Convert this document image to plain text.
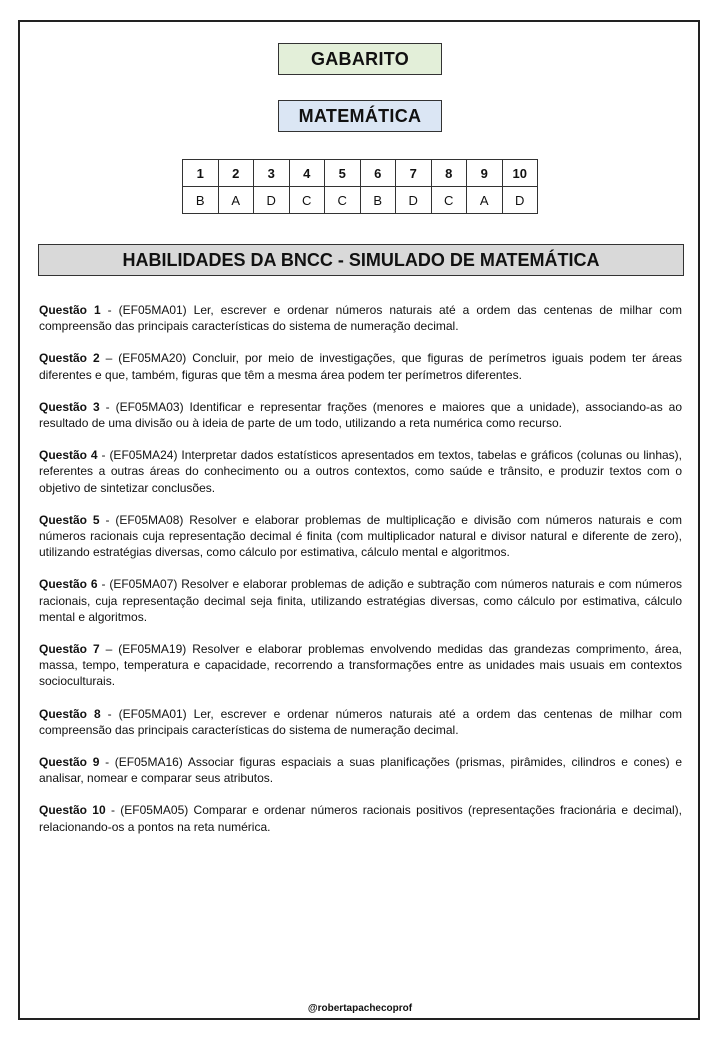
GABARITO
MATEMÁTICA
1	2	3	4	5	6	7	8	9	10
B	A	D	C	C	B	D	C	A	D
HABILIDADES DA BNCC - SIMULADO DE MATEMÁTICA

Questão 1 - (EF05MA01) Ler, escrever e ordenar números naturais até a ordem das centenas de milhar com compreensão das principais características do sistema de numeração decimal.

Questão 2 – (EF05MA20) Concluir, por meio de investigações, que figuras de perímetros iguais podem ter áreas diferentes e que, também, figuras que têm a mesma área podem ter perímetros diferentes.

Questão 3 - (EF05MA03) Identificar e representar frações (menores e maiores que a unidade), associando-as ao resultado de uma divisão ou à ideia de parte de um todo, utilizando a reta numérica como recurso.

Questão 4 - (EF05MA24) Interpretar dados estatísticos apresentados em textos, tabelas e gráficos (colunas ou linhas), referentes a outras áreas do conhecimento ou a outros contextos, como saúde e trânsito, e produzir textos com o objetivo de sintetizar conclusões.

Questão 5 - (EF05MA08) Resolver e elaborar problemas de multiplicação e divisão com números naturais e com números racionais cuja representação decimal é finita (com multiplicador natural e divisor natural e diferente de zero), utilizando estratégias diversas, como cálculo por estimativa, cálculo mental e algoritmos.

Questão 6 - (EF05MA07) Resolver e elaborar problemas de adição e subtração com números naturais e com números racionais, cuja representação decimal seja finita, utilizando estratégias diversas, como cálculo por estimativa, cálculo mental e algoritmos.

Questão 7 – (EF05MA19) Resolver e elaborar problemas envolvendo medidas das grandezas comprimento, área, massa, tempo, temperatura e capacidade, recorrendo a transformações entre as unidades mais usuais em contextos socioculturais.

Questão 8 - (EF05MA01) Ler, escrever e ordenar números naturais até a ordem das centenas de milhar com compreensão das principais características do sistema de numeração decimal.

Questão 9 - (EF05MA16) Associar figuras espaciais a suas planificações (prismas, pirâmides, cilindros e cones) e analisar, nomear e comparar seus atributos.

Questão 10 - (EF05MA05) Comparar e ordenar números racionais positivos (representações fracionária e decimal), relacionando-os a pontos na reta numérica.

@robertapachecoprof
